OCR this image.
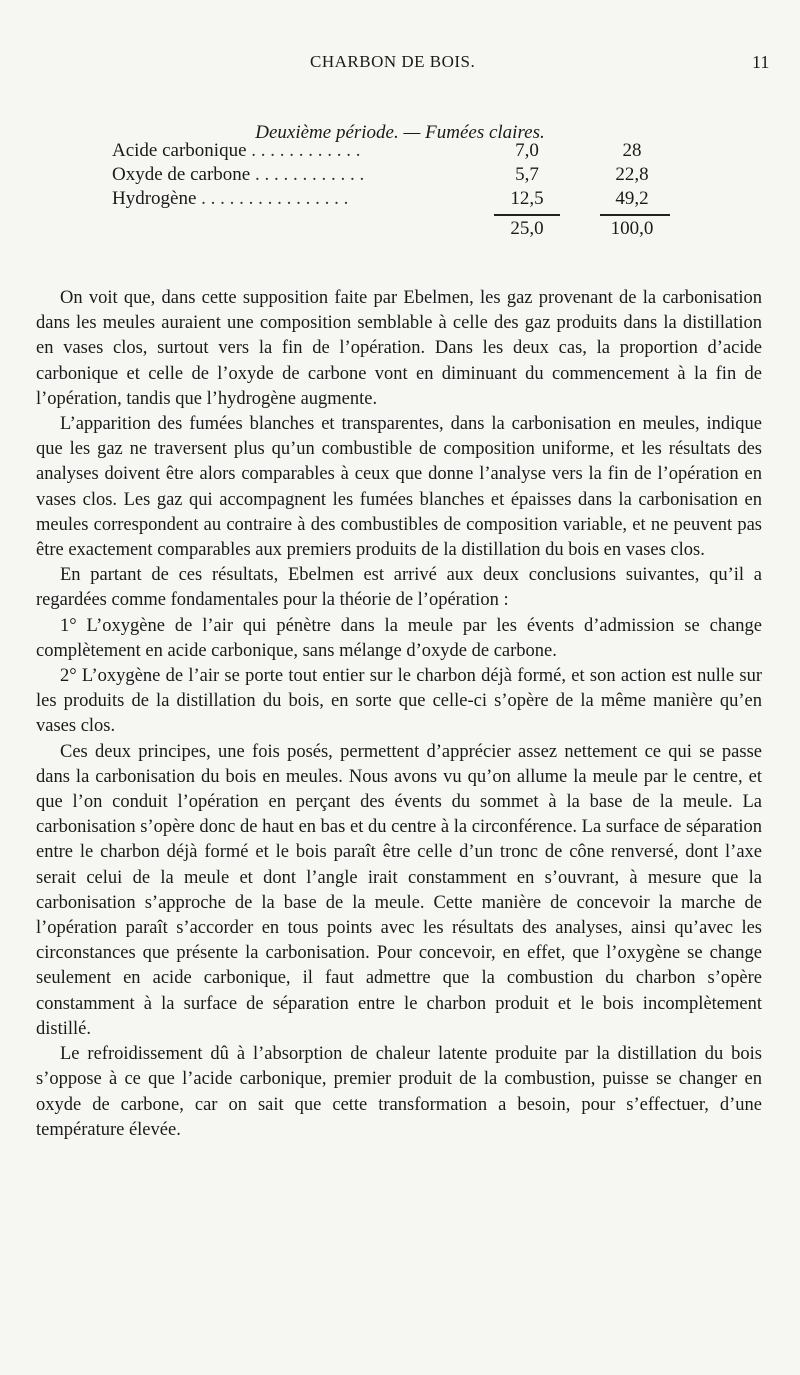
CHARBON DE BOIS.	11
Deuxième période. — Fumées claires.
Acide carbonique . . . . . . . . . . . .	7,0	28
Oxyde de carbone . . . . . . . . . . . .	5,7	22,8
Hydrogène . . . . . . . . . . . . . . . .	12,5	49,2
25,0	100,0

On voit que, dans cette supposition faite par Ebelmen, les gaz provenant de la carbonisation dans les meules auraient une composition semblable à celle des gaz produits dans la distillation en vases clos, surtout vers la fin de l’opération. Dans les deux cas, la proportion d’acide carbonique et celle de l’oxyde de carbone vont en diminuant du commencement à la fin de l’opération, tandis que l’hydrogène augmente.

L’apparition des fumées blanches et transparentes, dans la carbonisation en meules, indique que les gaz ne traversent plus qu’un combustible de composition uniforme, et les résultats des analyses doivent être alors comparables à ceux que donne l’analyse vers la fin de l’opération en vases clos. Les gaz qui accompagnent les fumées blanches et épaisses dans la carbonisation en meules correspondent au contraire à des combustibles de composition variable, et ne peuvent pas être exactement comparables aux premiers produits de la distillation du bois en vases clos.

En partant de ces résultats, Ebelmen est arrivé aux deux conclusions suivantes, qu’il a regardées comme fondamentales pour la théorie de l’opération :

1° L’oxygène de l’air qui pénètre dans la meule par les évents d’admission se change complètement en acide carbonique, sans mélange d’oxyde de carbone.

2° L’oxygène de l’air se porte tout entier sur le charbon déjà formé, et son action est nulle sur les produits de la distillation du bois, en sorte que celle-ci s’opère de la même manière qu’en vases clos.

Ces deux principes, une fois posés, permettent d’apprécier assez nettement ce qui se passe dans la carbonisation du bois en meules. Nous avons vu qu’on allume la meule par le centre, et que l’on conduit l’opération en perçant des évents du sommet à la base de la meule. La carbonisation s’opère donc de haut en bas et du centre à la circonférence. La surface de séparation entre le charbon déjà formé et le bois paraît être celle d’un tronc de cône renversé, dont l’axe serait celui de la meule et dont l’angle irait constamment en s’ouvrant, à mesure que la carbonisation s’approche de la base de la meule. Cette manière de concevoir la marche de l’opération paraît s’accorder en tous points avec les résultats des analyses, ainsi qu’avec les circonstances que présente la carbonisation. Pour concevoir, en effet, que l’oxygène se change seulement en acide carbonique, il faut admettre que la combustion du charbon s’opère constamment à la surface de séparation entre le charbon produit et le bois incomplètement distillé.

Le refroidissement dû à l’absorption de chaleur latente produite par la distillation du bois s’oppose à ce que l’acide carbonique, premier produit de la combustion, puisse se changer en oxyde de carbone, car on sait que cette transformation a besoin, pour s’effectuer, d’une température élevée.
